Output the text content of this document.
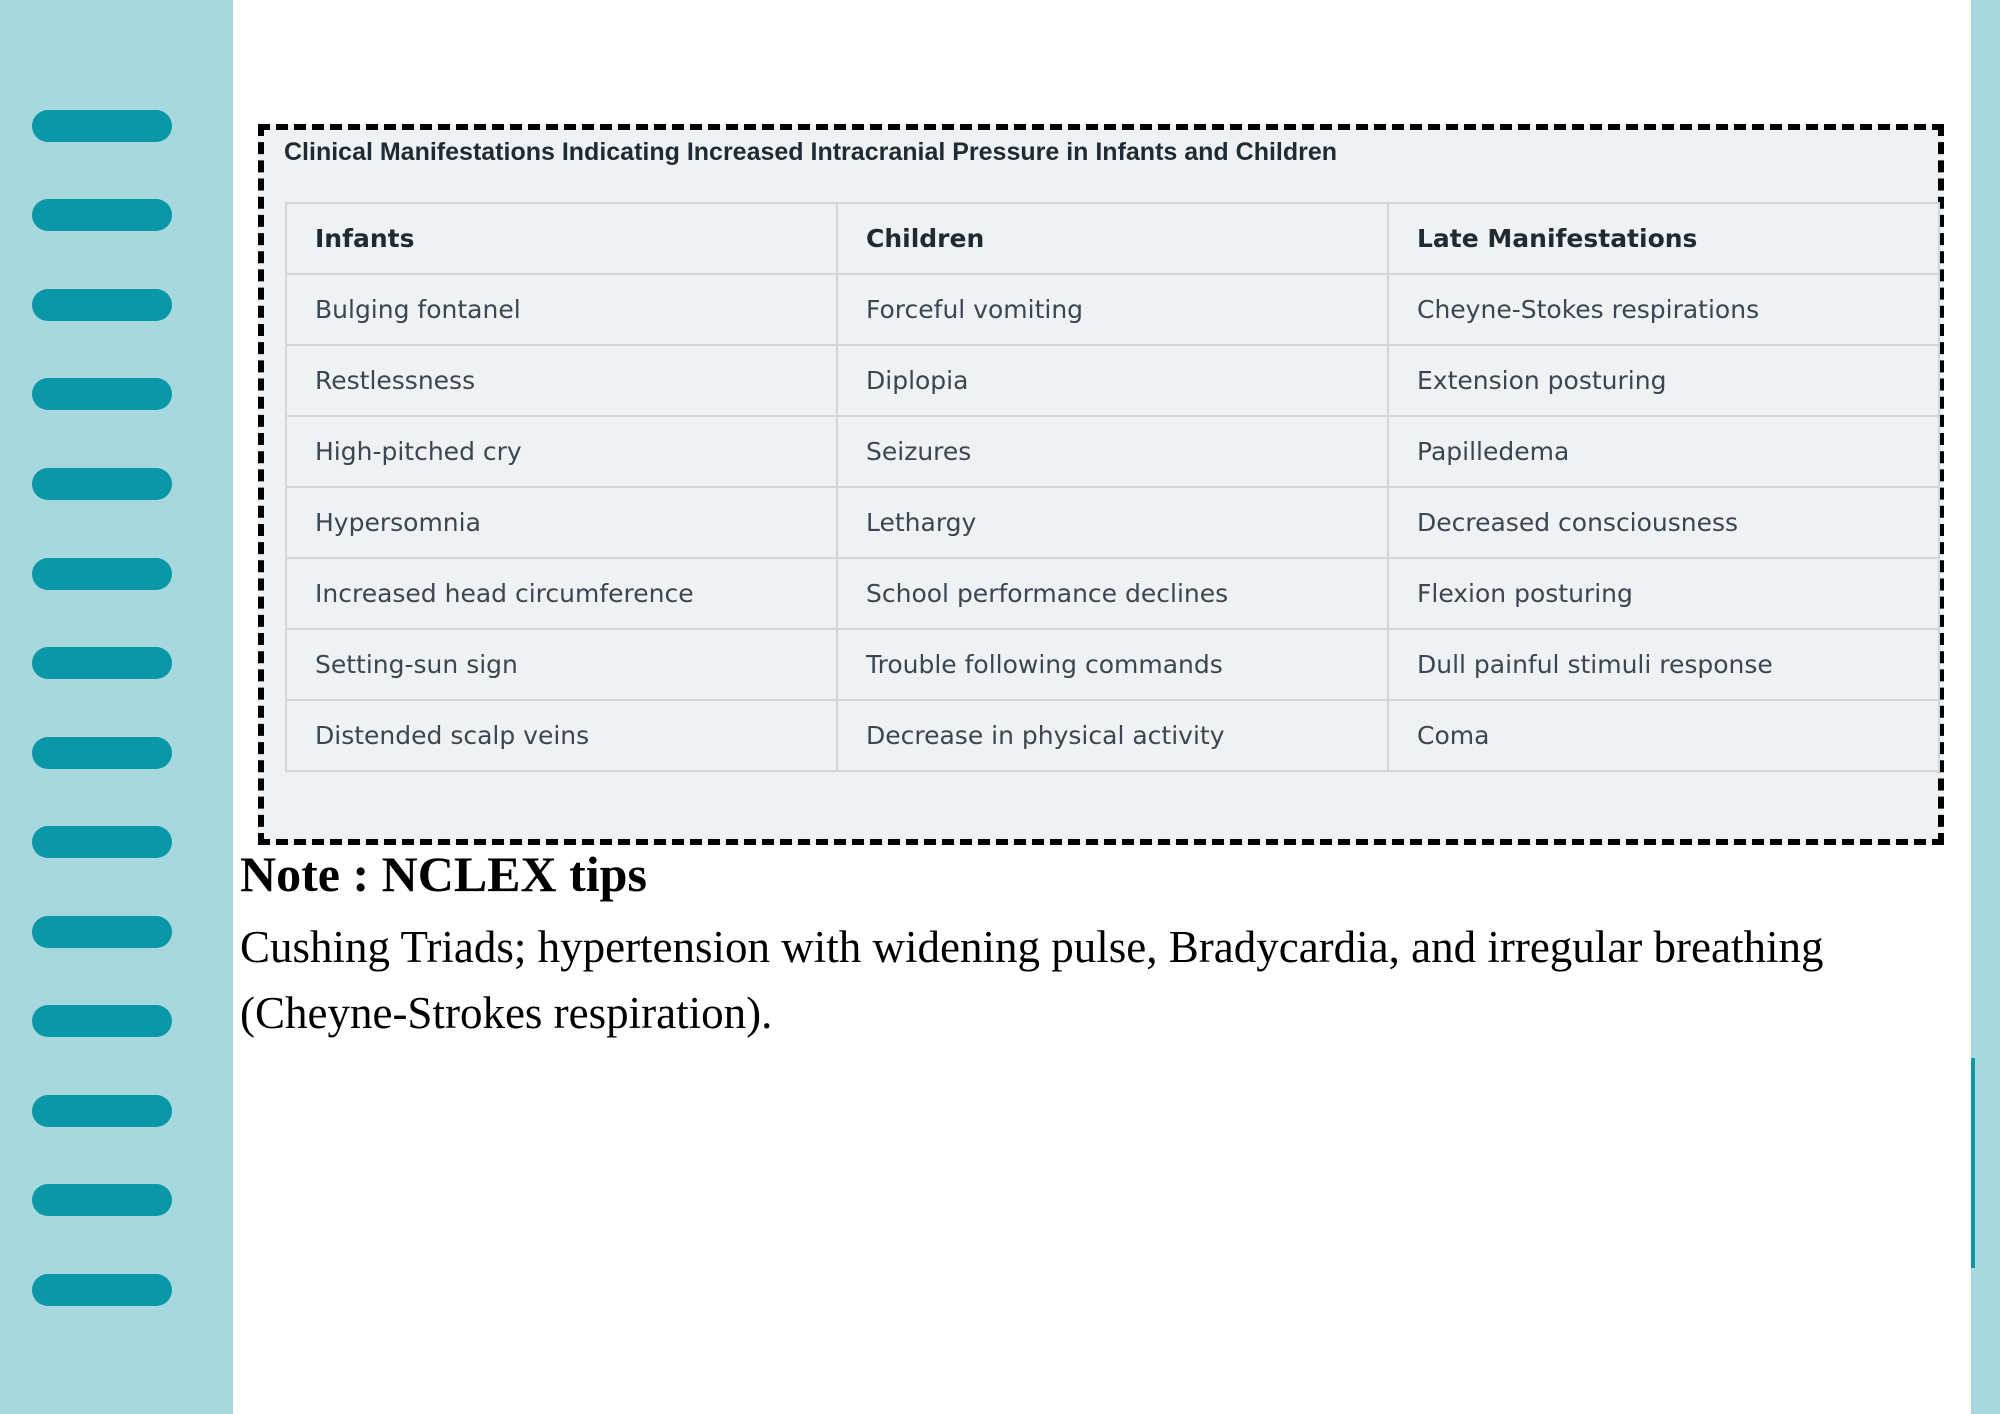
Clinical Manifestations Indicating Increased Intracranial Pressure in Infants and Children
Infants	Children	Late Manifestations
Bulging fontanel	Forceful vomiting	Cheyne-Stokes respirations
Restlessness	Diplopia	Extension posturing
High-pitched cry	Seizures	Papilledema
Hypersomnia	Lethargy	Decreased consciousness
Increased head circumference	School performance declines	Flexion posturing
Setting-sun sign	Trouble following commands	Dull painful stimuli response
Distended scalp veins	Decrease in physical activity	Coma
Note : NCLEX tips
Cushing Triads; hypertension with widening pulse, Bradycardia, and irregular breathing (Cheyne-Strokes respiration).
